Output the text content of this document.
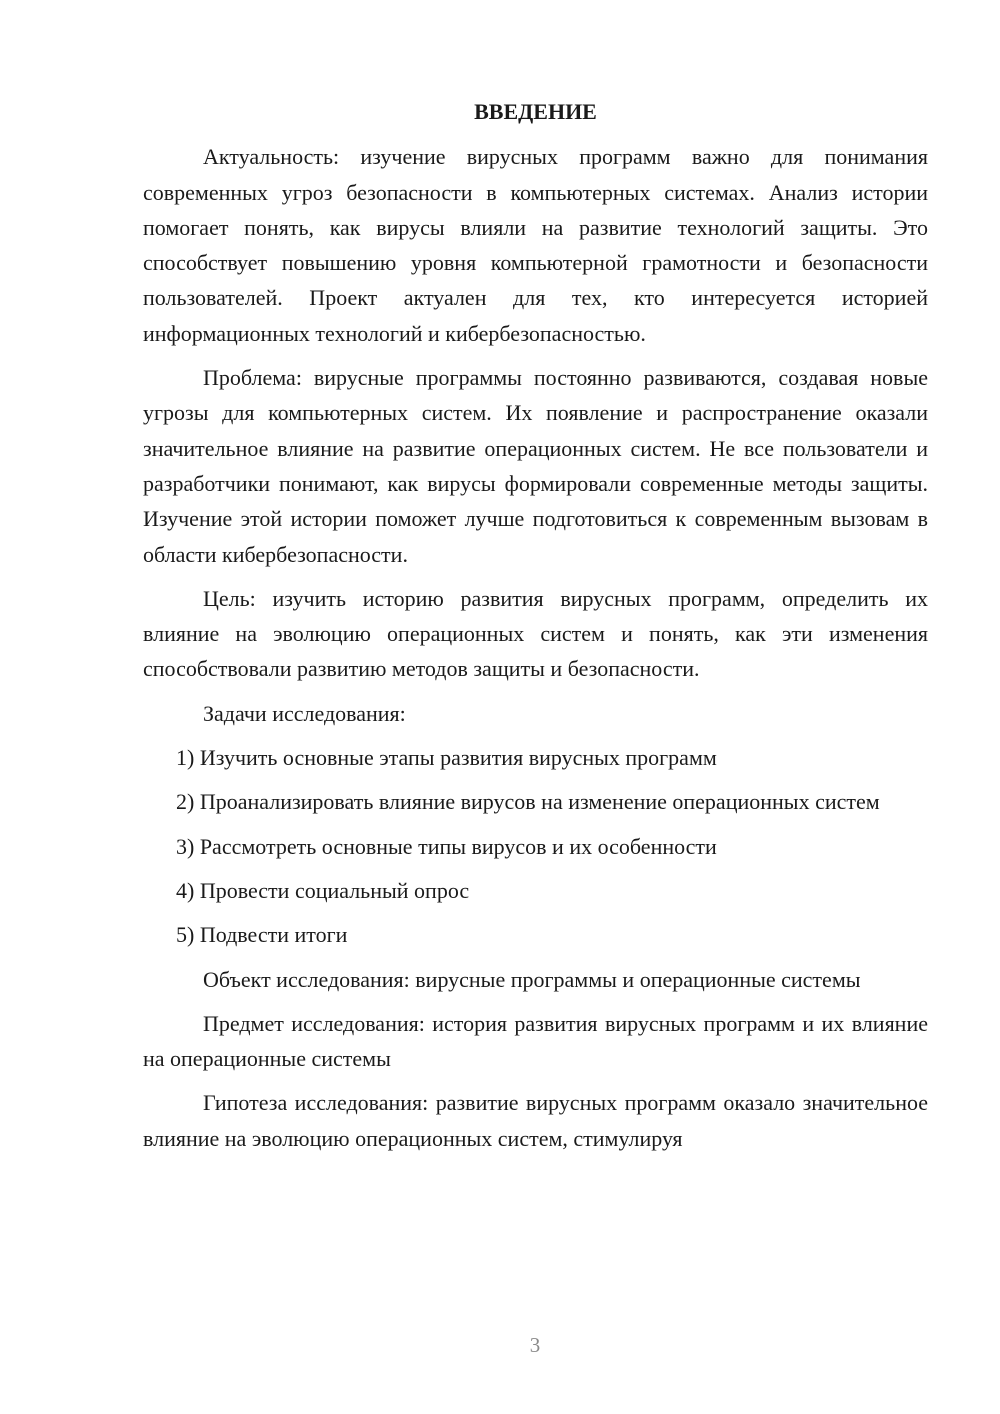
ВВЕДЕНИЕ

Актуальность: изучение вирусных программ важно для понимания современных угроз безопасности в компьютерных системах. Анализ истории помогает понять, как вирусы влияли на развитие технологий защиты. Это способствует повышению уровня компьютерной грамотности и безопасности пользователей. Проект актуален для тех, кто интересуется историей информационных технологий и кибербезопасностью.

Проблема: вирусные программы постоянно развиваются, создавая новые угрозы для компьютерных систем. Их появление и распространение оказали значительное влияние на развитие операционных систем. Не все пользователи и разработчики понимают, как вирусы формировали современные методы защиты. Изучение этой истории поможет лучше подготовиться к современным вызовам в области кибербезопасности.

Цель: изучить историю развития вирусных программ, определить их влияние на эволюцию операционных систем и понять, как эти изменения способствовали развитию методов защиты и безопасности.

Задачи исследования:

1) Изучить основные этапы развития вирусных программ

2) Проанализировать влияние вирусов на изменение операционных систем

3) Рассмотреть основные типы вирусов и их особенности

4) Провести социальный опрос

5) Подвести итоги

Объект исследования: вирусные программы и операционные системы

Предмет исследования: история развития вирусных программ и их влияние на операционные системы

Гипотеза исследования: развитие вирусных программ оказало значительное влияние на эволюцию операционных систем, стимулируя

3
